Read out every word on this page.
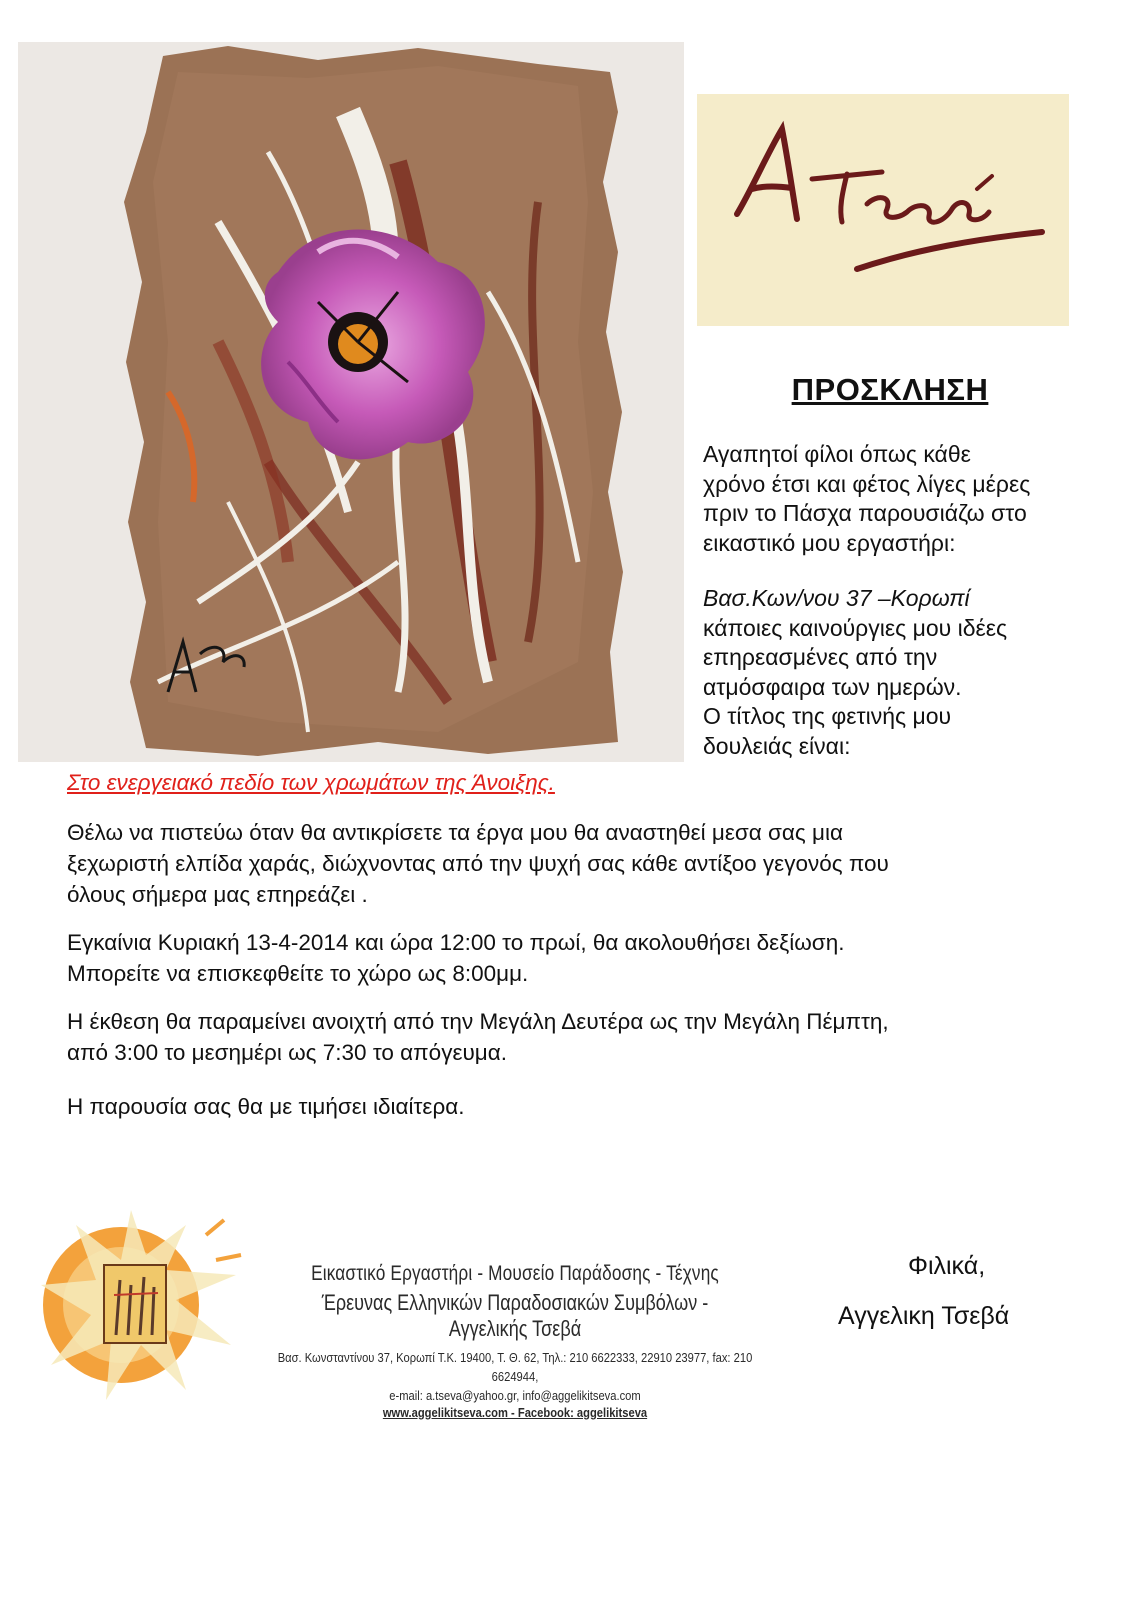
ΠΡΟΣΚΛΗΣΗ
Αγαπητοί φίλοι όπως κάθε
χρόνο έτσι και φέτος λίγες μέρες
πριν το Πάσχα παρουσιάζω στο
εικαστικό μου εργαστήρι:
Βασ.Κων/νου 37 –Κορωπί
κάποιες καινούργιες μου ιδέες
επηρεασμένες από την
ατμόσφαιρα των ημερών.
Ο τίτλος της φετινής μου
δουλειάς είναι:
Στο ενεργειακό πεδίο των χρωμάτων της Άνοιξης.
Θέλω να πιστεύω όταν θα αντικρίσετε τα έργα μου θα αναστηθεί μεσα σας μια
ξεχωριστή ελπίδα χαράς, διώχνοντας από την ψυχή σας κάθε αντίξοο γεγονός που
όλους σήμερα μας επηρεάζει .
Εγκαίνια Κυριακή 13-4-2014 και ώρα 12:00 το πρωί, θα ακολουθήσει δεξίωση.
Μπορείτε να επισκεφθείτε το χώρο ως 8:00μμ.
Η έκθεση θα παραμείνει ανοιχτή από την Μεγάλη Δευτέρα ως την Μεγάλη Πέμπτη,
από 3:00 το μεσημέρι ως 7:30 το απόγευμα.
Η παρουσία σας θα με τιμήσει ιδιαίτερα.
Εικαστικό Εργαστήρι - Μουσείο Παράδοσης - Τέχνης
Έρευνας Ελληνικών Παραδοσιακών Συμβόλων - Αγγελικής Τσεβά
Βασ. Κωνσταντίνου 37, Κορωπί Τ.Κ. 19400, Τ. Θ. 62, Τηλ.: 210 6622333, 22910 23977, fax: 210 6624944,
e-mail: a.tseva@yahoo.gr, info@aggelikitseva.com
www.aggelikitseva.com - Facebook: aggelikitseva
Φιλικά,
Αγγελικη Τσεβά
